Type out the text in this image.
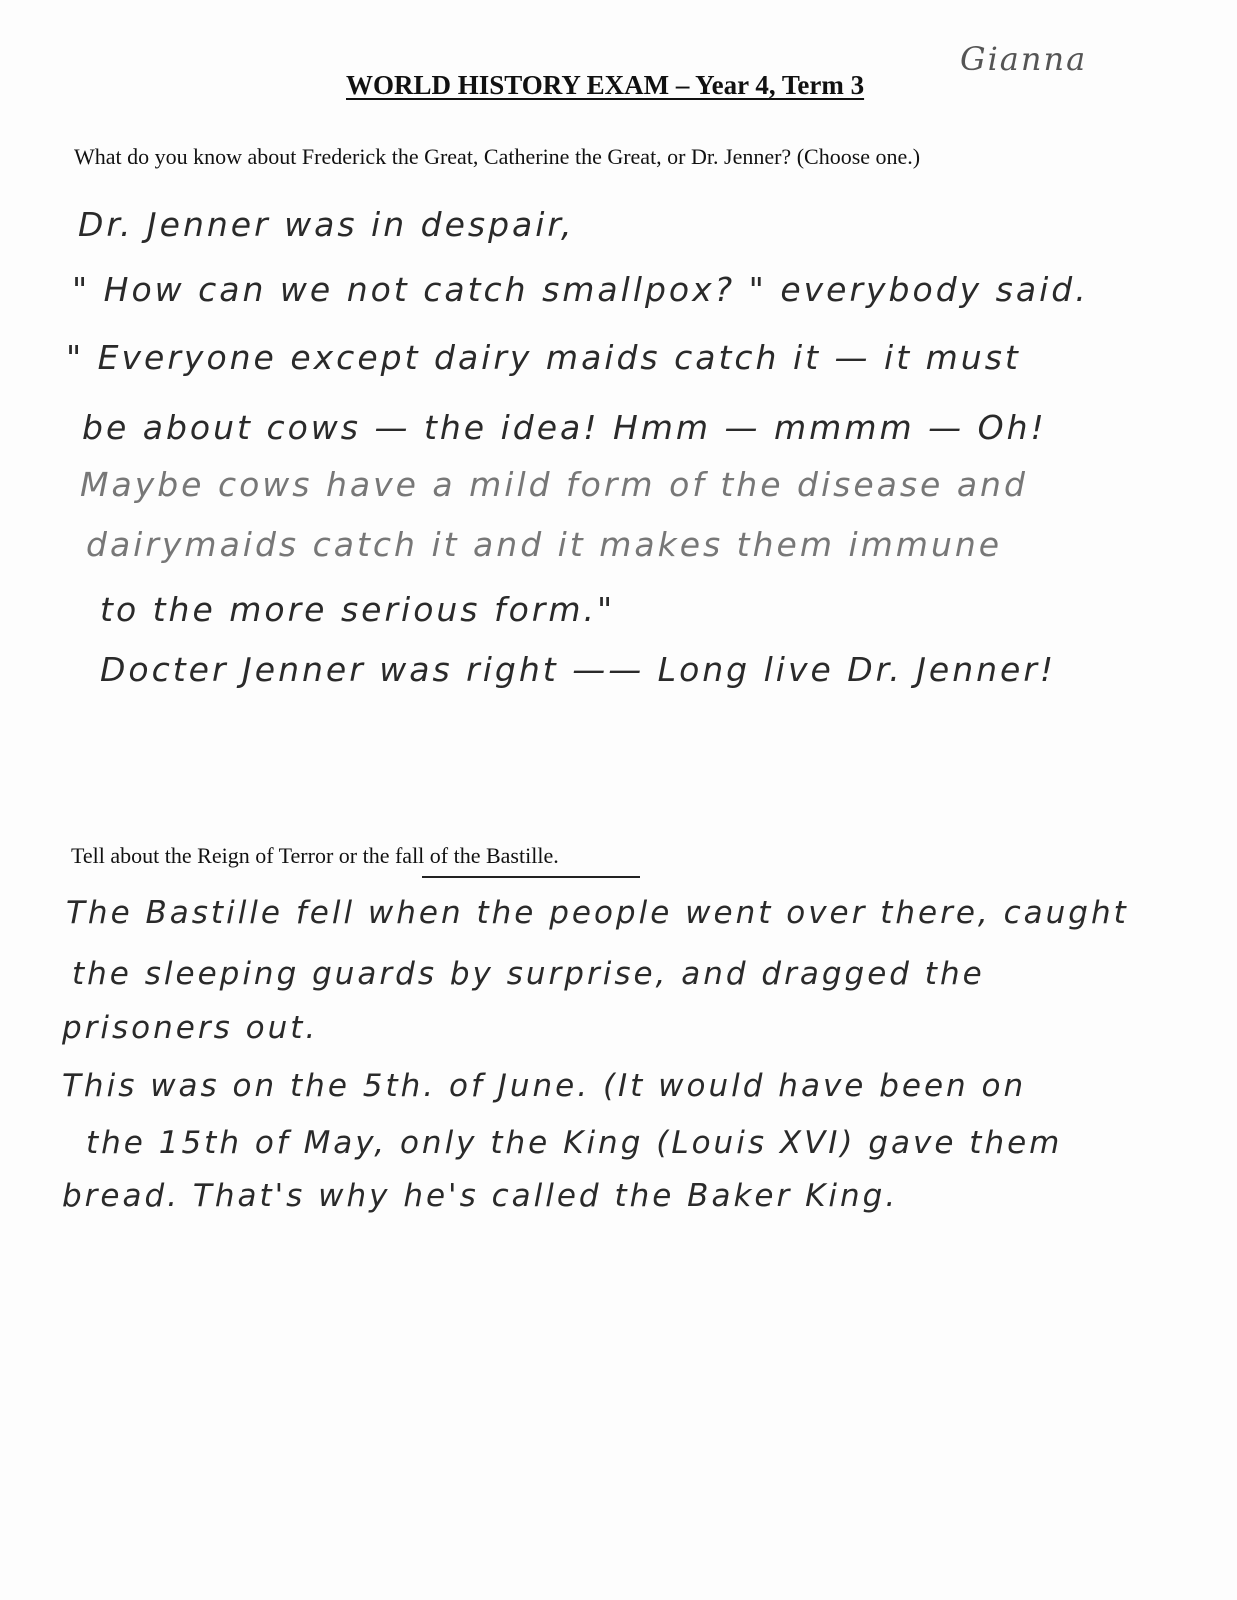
Gianna
WORLD HISTORY EXAM – Year 4, Term 3
What do you know about Frederick the Great, Catherine the Great, or Dr. Jenner? (Choose one.)
Dr. Jenner was in despair,
" How can we not catch smallpox? " everybody said.
" Everyone except dairy maids catch it — it must
be about cows — the idea! Hmm — mmmm — Oh!
Maybe cows have a mild form of the disease and
dairymaids catch it and it makes them immune
to the more serious form."
Docter Jenner was right —— Long live Dr. Jenner!
Tell about the Reign of Terror or the fall of the Bastille.
The Bastille fell when the people went over there, caught
the sleeping guards by surprise, and dragged the
prisoners out.
This was on the 5th. of June. (It would have been on
the 15th of May, only the King (Louis XVI) gave them
bread. That's why he's called the Baker King.
